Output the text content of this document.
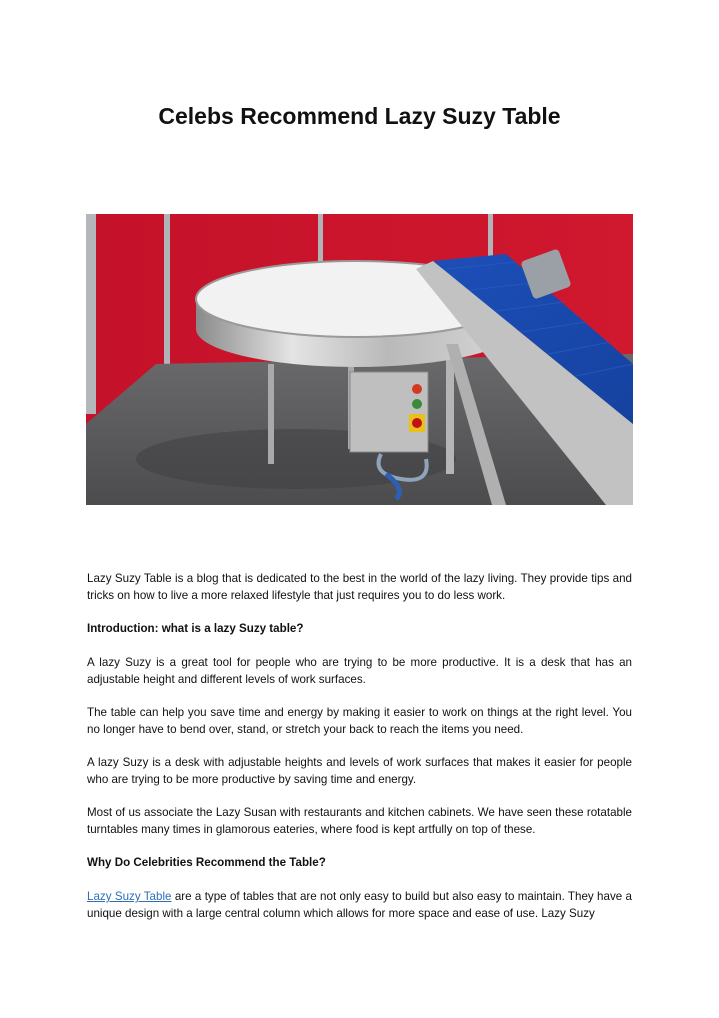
Celebs Recommend Lazy Suzy Table

Lazy Suzy Table is a blog that is dedicated to the best in the world of the lazy living. They provide tips and tricks on how to live a more relaxed lifestyle that just requires you to do less work.

Introduction: what is a lazy Suzy table?

A lazy Suzy is a great tool for people who are trying to be more productive. It is a desk that has an adjustable height and different levels of work surfaces.

The table can help you save time and energy by making it easier to work on things at the right level. You no longer have to bend over, stand, or stretch your back to reach the items you need.

A lazy Suzy is a desk with adjustable heights and levels of work surfaces that makes it easier for people who are trying to be more productive by saving time and energy.

Most of us associate the Lazy Susan with restaurants and kitchen cabinets. We have seen these rotatable turntables many times in glamorous eateries, where food is kept artfully on top of these.

Why Do Celebrities Recommend the Table?

Lazy Suzy Table are a type of tables that are not only easy to build but also easy to maintain. They have a unique design with a large central column which allows for more space and ease of use. Lazy Suzy
